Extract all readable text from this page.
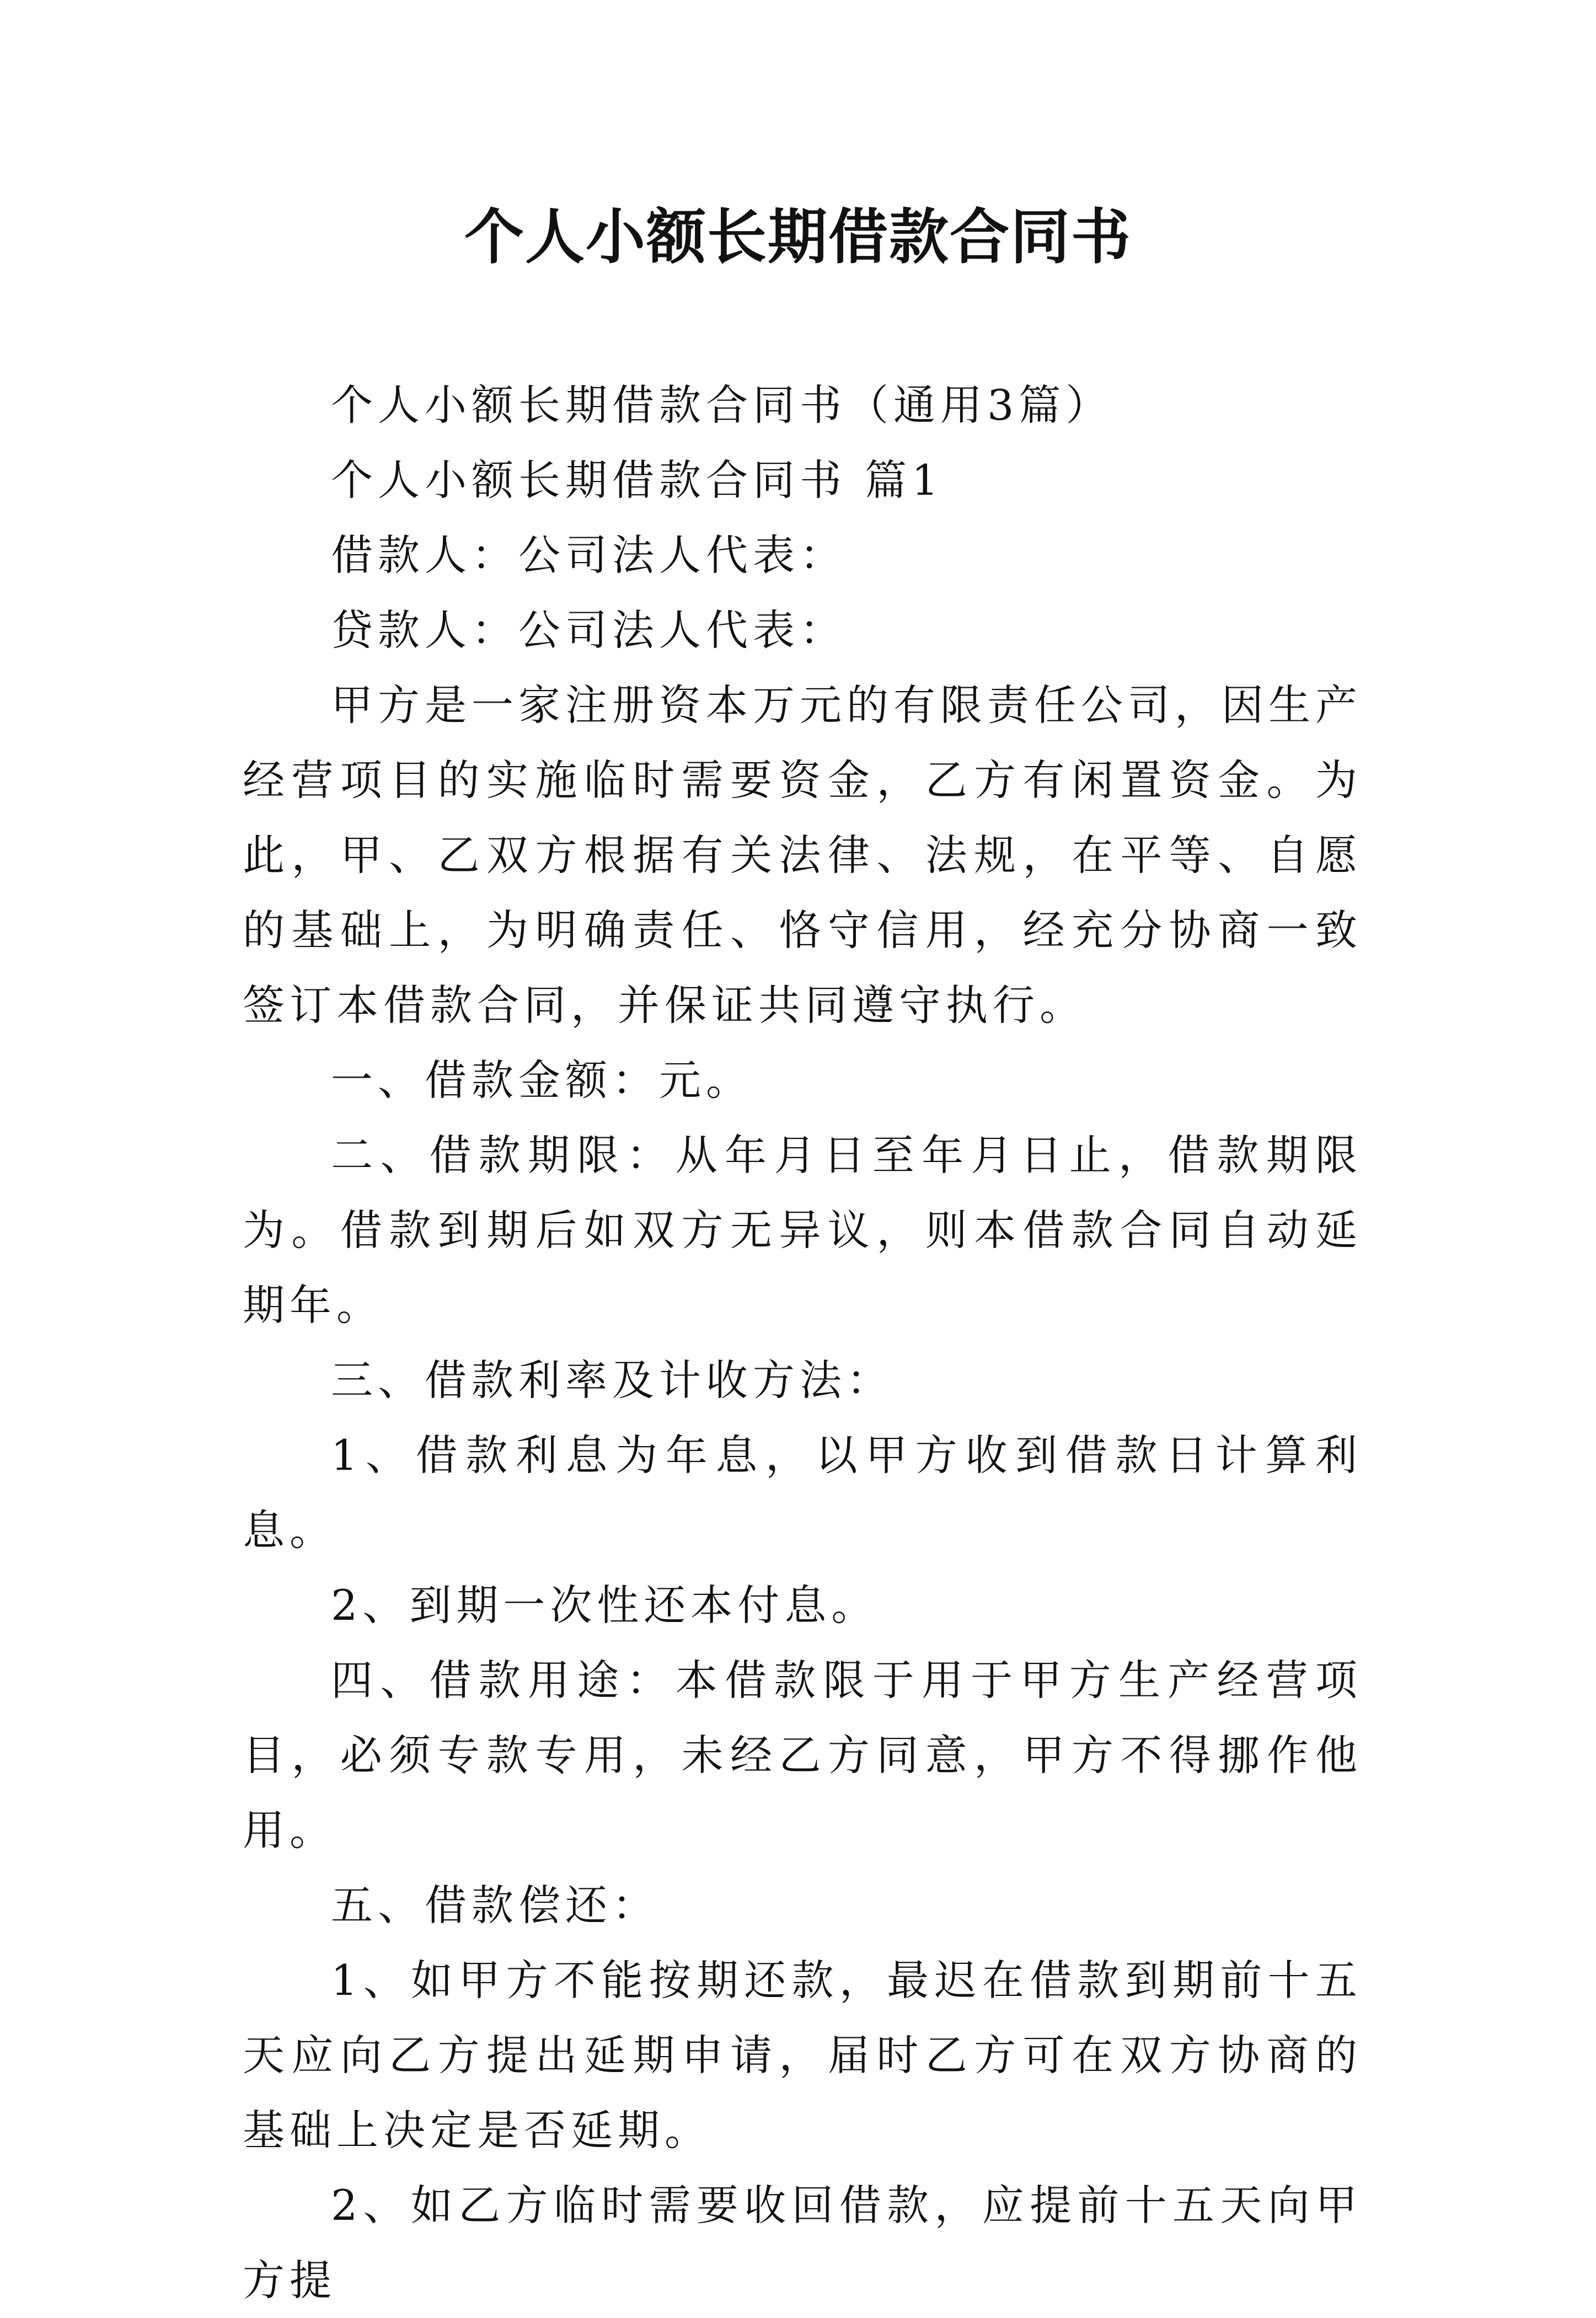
个人小额长期借款合同书

个人小额长期借款合同书（通用3篇）

个人小额长期借款合同书 篇1

借款人：公司法人代表：

贷款人：公司法人代表：

甲方是一家注册资本万元的有限责任公司，因生产经营项目的实施临时需要资金，乙方有闲置资金。为此，甲、乙双方根据有关法律、法规，在平等、自愿的基础上，为明确责任、恪守信用，经充分协商一致签订本借款合同，并保证共同遵守执行。

一、借款金额：元。

二、借款期限：从年月日至年月日止，借款期限为。借款到期后如双方无异议，则本借款合同自动延期年。

三、借款利率及计收方法：

1、借款利息为年息，以甲方收到借款日计算利息。

2、到期一次性还本付息。

四、借款用途：本借款限于用于甲方生产经营项目，必须专款专用，未经乙方同意，甲方不得挪作他用。

五、借款偿还：

1、如甲方不能按期还款，最迟在借款到期前十五天应向乙方提出延期申请，届时乙方可在双方协商的基础上决定是否延期。

2、如乙方临时需要收回借款，应提前十五天向甲方提
